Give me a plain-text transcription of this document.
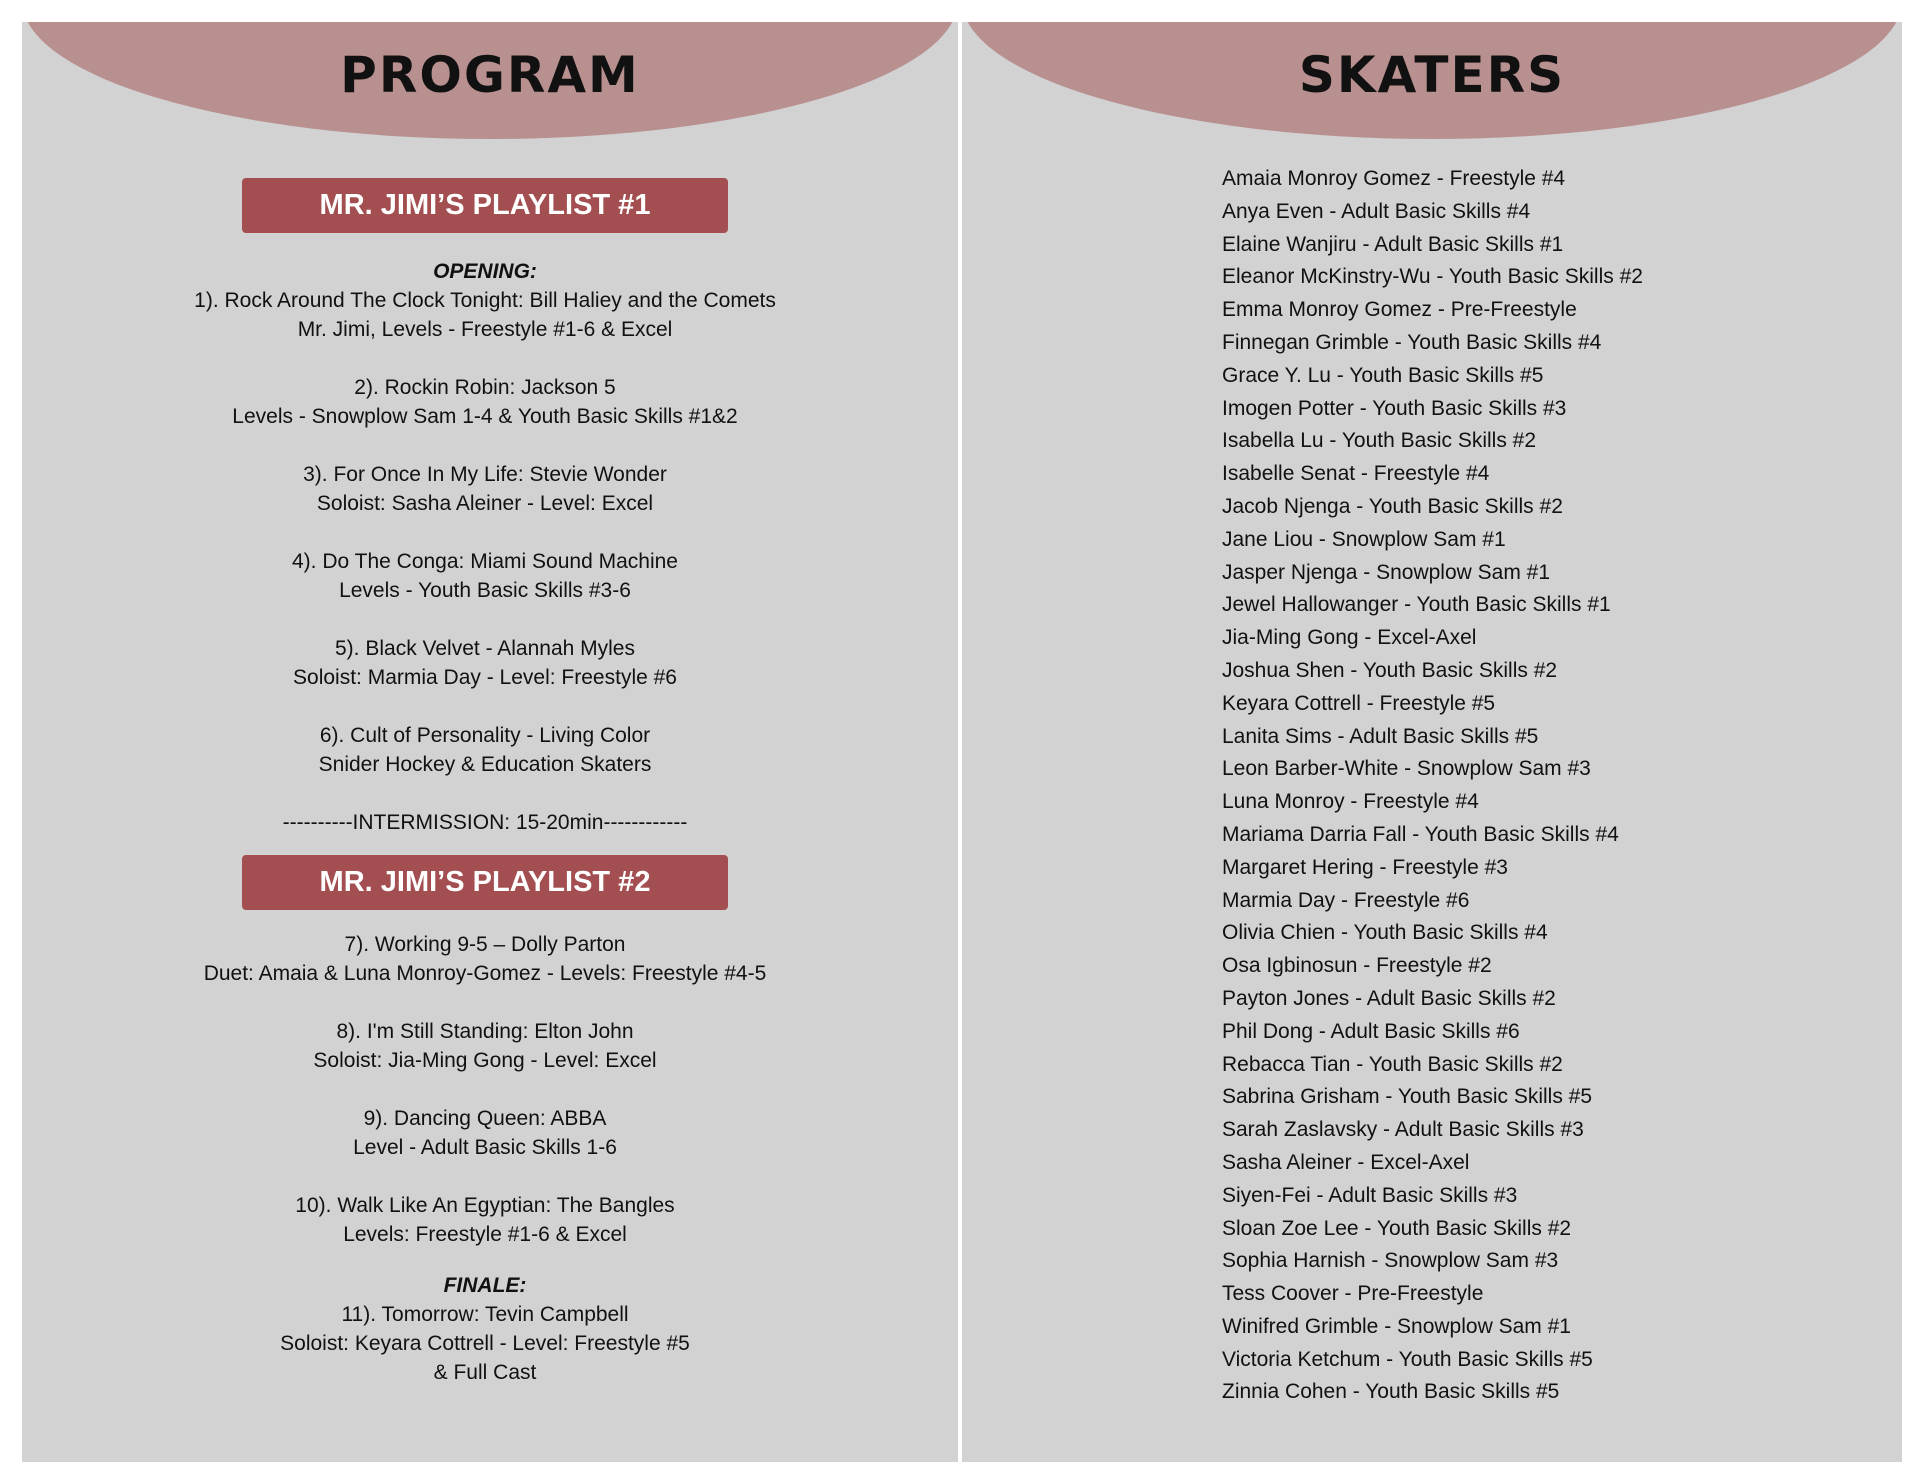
PROGRAM
MR. JIMI’S PLAYLIST #1
OPENING:
1). Rock Around The Clock Tonight: Bill Haliey and the Comets
Mr. Jimi, Levels - Freestyle #1-6 & Excel
2). Rockin Robin: Jackson 5
Levels - Snowplow Sam 1-4 & Youth Basic Skills #1&2
3). For Once In My Life: Stevie Wonder
Soloist: Sasha Aleiner - Level: Excel
4). Do The Conga: Miami Sound Machine
Levels - Youth Basic Skills #3-6
5). Black Velvet - Alannah Myles
Soloist: Marmia Day - Level: Freestyle #6
6). Cult of Personality - Living Color
Snider Hockey & Education Skaters
----------INTERMISSION: 15-20min------------
MR. JIMI’S PLAYLIST #2
7). Working 9-5 – Dolly Parton
Duet: Amaia & Luna Monroy-Gomez - Levels: Freestyle #4-5
8). I'm Still Standing: Elton John
Soloist: Jia-Ming Gong - Level: Excel
9). Dancing Queen: ABBA
Level - Adult Basic Skills 1-6
10). Walk Like An Egyptian: The Bangles
Levels: Freestyle #1-6 & Excel
FINALE:
11). Tomorrow: Tevin Campbell
Soloist: Keyara Cottrell - Level: Freestyle #5
& Full Cast
SKATERS
Amaia Monroy Gomez - Freestyle #4
Anya Even - Adult Basic Skills #4
Elaine Wanjiru - Adult Basic Skills #1
Eleanor McKinstry-Wu - Youth Basic Skills #2
Emma Monroy Gomez - Pre-Freestyle
Finnegan Grimble - Youth Basic Skills #4
Grace Y. Lu - Youth Basic Skills #5
Imogen Potter - Youth Basic Skills #3
Isabella Lu - Youth Basic Skills #2
Isabelle Senat - Freestyle #4
Jacob Njenga - Youth Basic Skills #2
Jane Liou - Snowplow Sam #1
Jasper Njenga - Snowplow Sam #1
Jewel Hallowanger - Youth Basic Skills #1
Jia-Ming Gong - Excel-Axel
Joshua Shen - Youth Basic Skills #2
Keyara Cottrell - Freestyle #5
Lanita Sims - Adult Basic Skills #5
Leon Barber-White - Snowplow Sam #3
Luna Monroy - Freestyle #4
Mariama Darria Fall - Youth Basic Skills #4
Margaret Hering - Freestyle #3
Marmia Day - Freestyle #6
Olivia Chien - Youth Basic Skills #4
Osa Igbinosun - Freestyle #2
Payton Jones - Adult Basic Skills #2
Phil Dong - Adult Basic Skills #6
Rebacca Tian - Youth Basic Skills #2
Sabrina Grisham - Youth Basic Skills #5
Sarah Zaslavsky - Adult Basic Skills #3
Sasha Aleiner - Excel-Axel
Siyen-Fei - Adult Basic Skills #3
Sloan Zoe Lee - Youth Basic Skills #2
Sophia Harnish - Snowplow Sam #3
Tess Coover - Pre-Freestyle
Winifred Grimble - Snowplow Sam #1
Victoria Ketchum - Youth Basic Skills #5
Zinnia Cohen - Youth Basic Skills #5
